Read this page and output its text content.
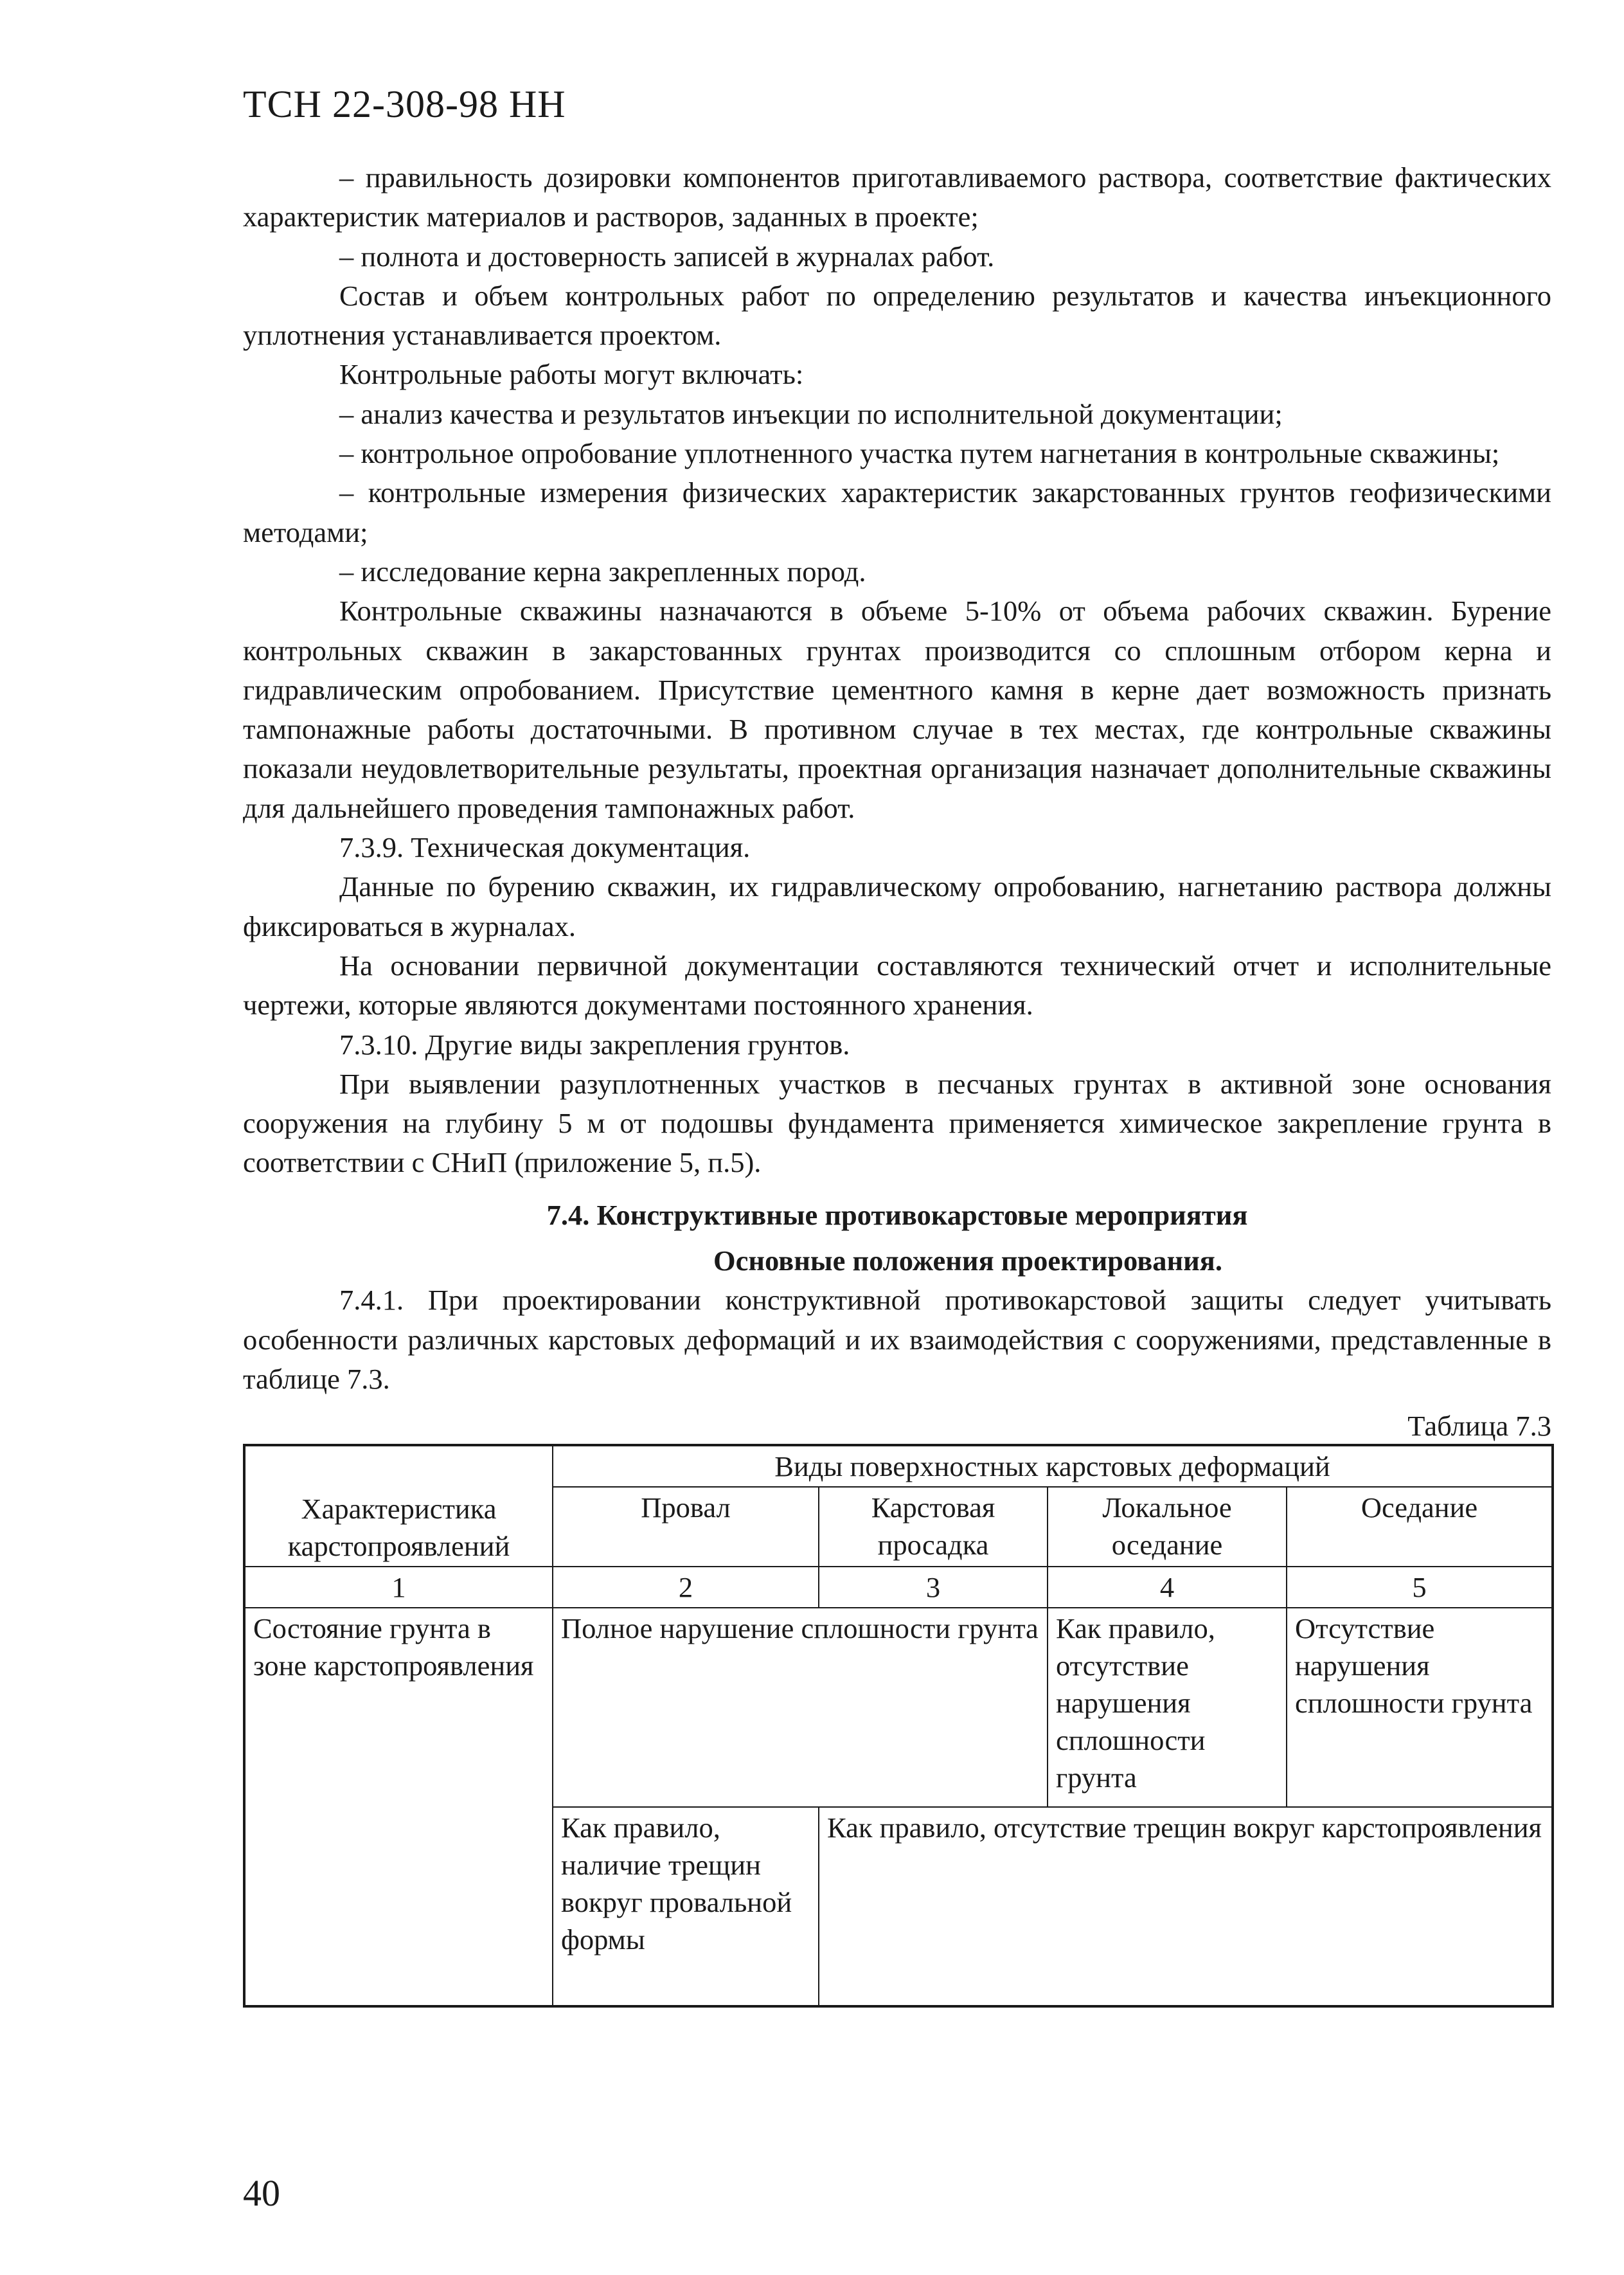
ТСН 22-308-98 НН

– правильность дозировки компонентов приготавливаемого раствора, соответствие фактических характеристик материалов и растворов, заданных в проекте;

– полнота и достоверность записей в журналах работ.

Состав и объем контрольных работ по определению результатов и качества инъекционного уплотнения устанавливается проектом.

Контрольные работы могут включать:

– анализ качества и результатов инъекции по исполнительной документации;

– контрольное опробование уплотненного участка путем нагнетания в контрольные скважины;

– контрольные измерения физических характеристик закарстованных грунтов геофизическими методами;

– исследование керна закрепленных пород.

Контрольные скважины назначаются в объеме 5-10% от объема рабочих скважин. Бурение контрольных скважин в закарстованных грунтах производится со сплошным отбором керна и гидравлическим опробованием. Присутствие цементного камня в керне дает возможность признать тампонажные работы достаточными. В противном случае в тех местах, где контрольные скважины показали неудовлетворительные результаты, проектная организация назначает дополнительные скважины для дальнейшего проведения тампонажных работ.

7.3.9. Техническая документация.

Данные по бурению скважин, их гидравлическому опробованию, нагнетанию раствора должны фиксироваться в журналах.

На основании первичной документации составляются технический отчет и исполнительные чертежи, которые являются документами постоянного хранения.

7.3.10. Другие виды закрепления грунтов.

При выявлении разуплотненных участков в песчаных грунтах в активной зоне основания сооружения на глубину 5 м от подошвы фундамента применяется химическое закрепление грунта в соответствии с СНиП (приложение 5, п.5).

7.4. Конструктивные противокарстовые мероприятия
Основные положения проектирования.

7.4.1. При проектировании конструктивной противокарстовой защиты следует учитывать особенности различных карстовых деформаций и их взаимодействия с сооружениями, представленные в таблице 7.3.

Таблица 7.3
Характеристика карстопроявлений	Виды поверхностных карстовых деформаций			
	Провал	Карстовая просадка	Локальное оседание	Оседание
1	2	3	4	5
Состояние грунта в зоне карстопроявления	Полное нарушение сплошности грунта		Как правило, отсутствие нарушения сплошности грунта	Отсутствие нарушения сплошности грунта
	Как правило, наличие трещин вокруг провальной формы	Как правило, отсутствие трещин вокруг карстопроявления		
40
